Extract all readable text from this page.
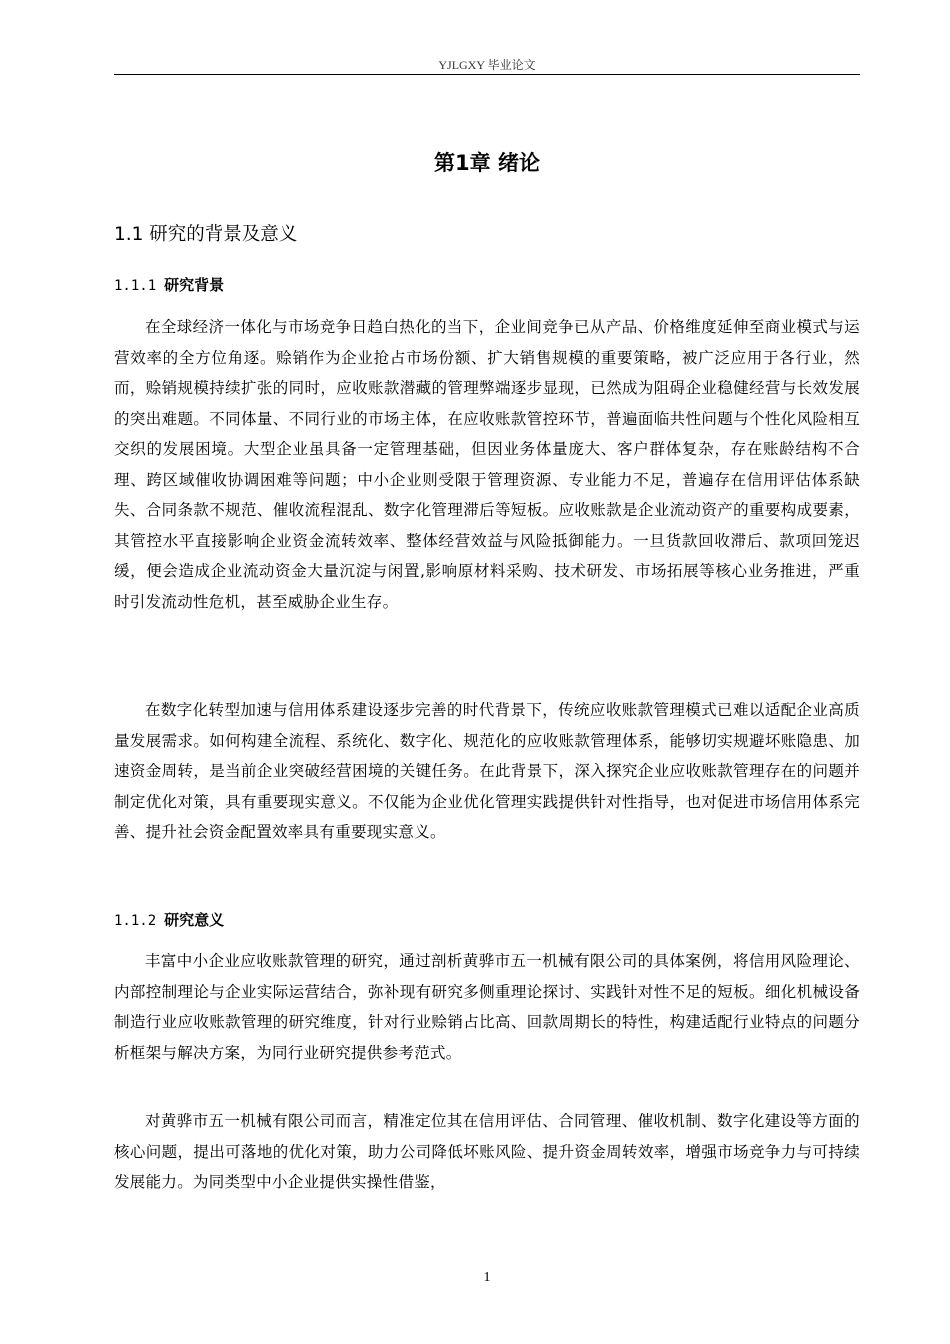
YJLGXY 毕业论文
第1章 绪论
1.1 研究的背景及意义
1.1.1 研究背景

在全球经济一体化与市场竞争日趋白热化的当下，企业间竞争已从产品、价格维度延伸至商业模式与运营效率的全方位角逐。赊销作为企业抢占市场份额、扩大销售规模的重要策略，被广泛应用于各行业，然而，赊销规模持续扩张的同时，应收账款潜藏的管理弊端逐步显现，已然成为阻碍企业稳健经营与长效发展的突出难题。不同体量、不同行业的市场主体，在应收账款管控环节，普遍面临共性问题与个性化风险相互交织的发展困境。大型企业虽具备一定管理基础，但因业务体量庞大、客户群体复杂，存在账龄结构不合理、跨区域催收协调困难等问题；中小企业则受限于管理资源、专业能力不足，普遍存在信用评估体系缺失、合同条款不规范、催收流程混乱、数字化管理滞后等短板。应收账款是企业流动资产的重要构成要素，其管控水平直接影响企业资金流转效率、整体经营效益与风险抵御能力。一旦货款回收滞后、款项回笼迟缓，便会造成企业流动资金大量沉淀与闲置,影响原材料采购、技术研发、市场拓展等核心业务推进，严重时引发流动性危机，甚至威胁企业生存。

在数字化转型加速与信用体系建设逐步完善的时代背景下，传统应收账款管理模式已难以适配企业高质量发展需求。如何构建全流程、系统化、数字化、规范化的应收账款管理体系，能够切实规避坏账隐患、加速资金周转，是当前企业突破经营困境的关键任务。在此背景下，深入探究企业应收账款管理存在的问题并制定优化对策，具有重要现实意义。不仅能为企业优化管理实践提供针对性指导，也对促进市场信用体系完善、提升社会资金配置效率具有重要现实意义。

1.1.2 研究意义

丰富中小企业应收账款管理的研究，通过剖析黄骅市五一机械有限公司的具体案例，将信用风险理论、内部控制理论与企业实际运营结合，弥补现有研究多侧重理论探讨、实践针对性不足的短板。细化机械设备制造行业应收账款管理的研究维度，针对行业赊销占比高、回款周期长的特性，构建适配行业特点的问题分析框架与解决方案，为同行业研究提供参考范式。

对黄骅市五一机械有限公司而言，精准定位其在信用评估、合同管理、催收机制、数字化建设等方面的核心问题，提出可落地的优化对策，助力公司降低坏账风险、提升资金周转效率，增强市场竞争力与可持续发展能力。为同类型中小企业提供实操性借鉴，

1
